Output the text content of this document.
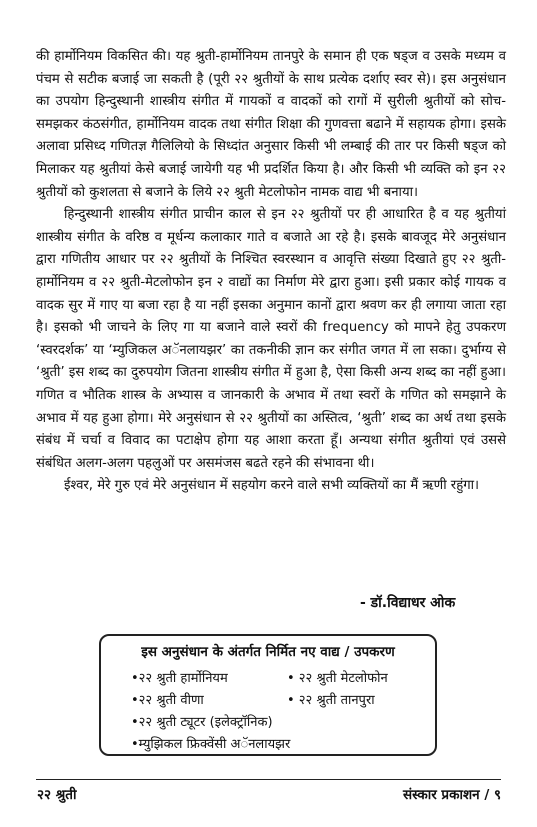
की हार्मोनियम विकसित की। यह श्रुती-हार्मोनियम तानपुरे के समान ही एक षड्ज व उसके मध्यम व पंचम से सटीक बजाई जा सकती है (पूरी २२ श्रुतीयों के साथ प्रत्येक दर्शाए स्वर से)। इस अनुसंधान का उपयोग हिन्दुस्थानी शास्त्रीय संगीत में गायकों व वादकों को रागों में सुरीली श्रुतीयों को सोच-समझकर कंठसंगीत, हार्मोनियम वादक तथा संगीत शिक्षा की गुणवत्ता बढाने में सहायक होगा। इसके अलावा प्रसिध्द गणितज्ञ गैलिलियो के सिध्दांत अनुसार किसी भी लम्बाई की तार पर किसी षड्ज को मिलाकर यह श्रुतीयां केसे बजाई जायेगी यह भी प्रदर्शित किया है। और किसी भी व्यक्ति को इन २२ श्रुतीयों को कुशलता से बजाने के लिये २२ श्रुती मेटलोफोन नामक वाद्य भी बनाया।

हिन्दुस्थानी शास्त्रीय संगीत प्राचीन काल से इन २२ श्रुतीयों पर ही आधारित है व यह श्रुतीयां शास्त्रीय संगीत के वरिष्ठ व मूर्धन्य कलाकार गाते व बजाते आ रहे है। इसके बावजूद मेरे अनुसंधान द्वारा गणितीय आधार पर २२ श्रुतीयों के निश्चित स्वरस्थान व आवृत्ति संख्या दिखाते हुए २२ श्रुती-हार्मोनियम व २२ श्रुती-मेटलोफोन इन २ वाद्यों का निर्माण मेरे द्वारा हुआ। इसी प्रकार कोई गायक व वादक सुर में गाए या बजा रहा है या नहीं इसका अनुमान कानों द्वारा श्रवण कर ही लगाया जाता रहा है। इसको भी जाचने के लिए गा या बजाने वाले स्वरों की frequency को मापने हेतु उपकरण ‘स्वरदर्शक’ या ‘म्युजिकल अॅनलायझर’ का तकनीकी ज्ञान कर संगीत जगत में ला सका। दुर्भाग्य से ‘श्रुती’ इस शब्द का दुरुपयोग जितना शास्त्रीय संगीत में हुआ है, ऐसा किसी अन्य शब्द का नहीं हुआ। गणित व भौतिक शास्त्र के अभ्यास व जानकारी के अभाव में तथा स्वरों के गणित को समझाने के अभाव में यह हुआ होगा। मेरे अनुसंधान से २२ श्रुतीयों का अस्तित्व, ‘श्रुती’ शब्द का अर्थ तथा इसके संबंध में चर्चा व विवाद का पटाक्षेप होगा यह आशा करता हूँ। अन्यथा संगीत श्रुतीयां एवं उससे संबंधित अलग-अलग पहलुओं पर असमंजस बढते रहने की संभावना थी।

ईश्वर, मेरे गुरु एवं मेरे अनुसंधान में सहयोग करने वाले सभी व्यक्तियों का मैं ऋणी रहुंगा।

- डॉ.विद्याधर ओक
इस अनुसंधान के अंतर्गत निर्मित नए वाद्य / उपकरण
•२२ श्रुती हार्मोनियम	• २२ श्रुती मेटलोफोन
•२२ श्रुती वीणा	• २२ श्रुती तानपुरा
•२२ श्रुती ट्यूटर (इलेक्ट्रॉनिक)
•म्युझिकल फ्रिक्वेंसी अॅनलायझर
२२ श्रुती	संस्कार प्रकाशन / ९
